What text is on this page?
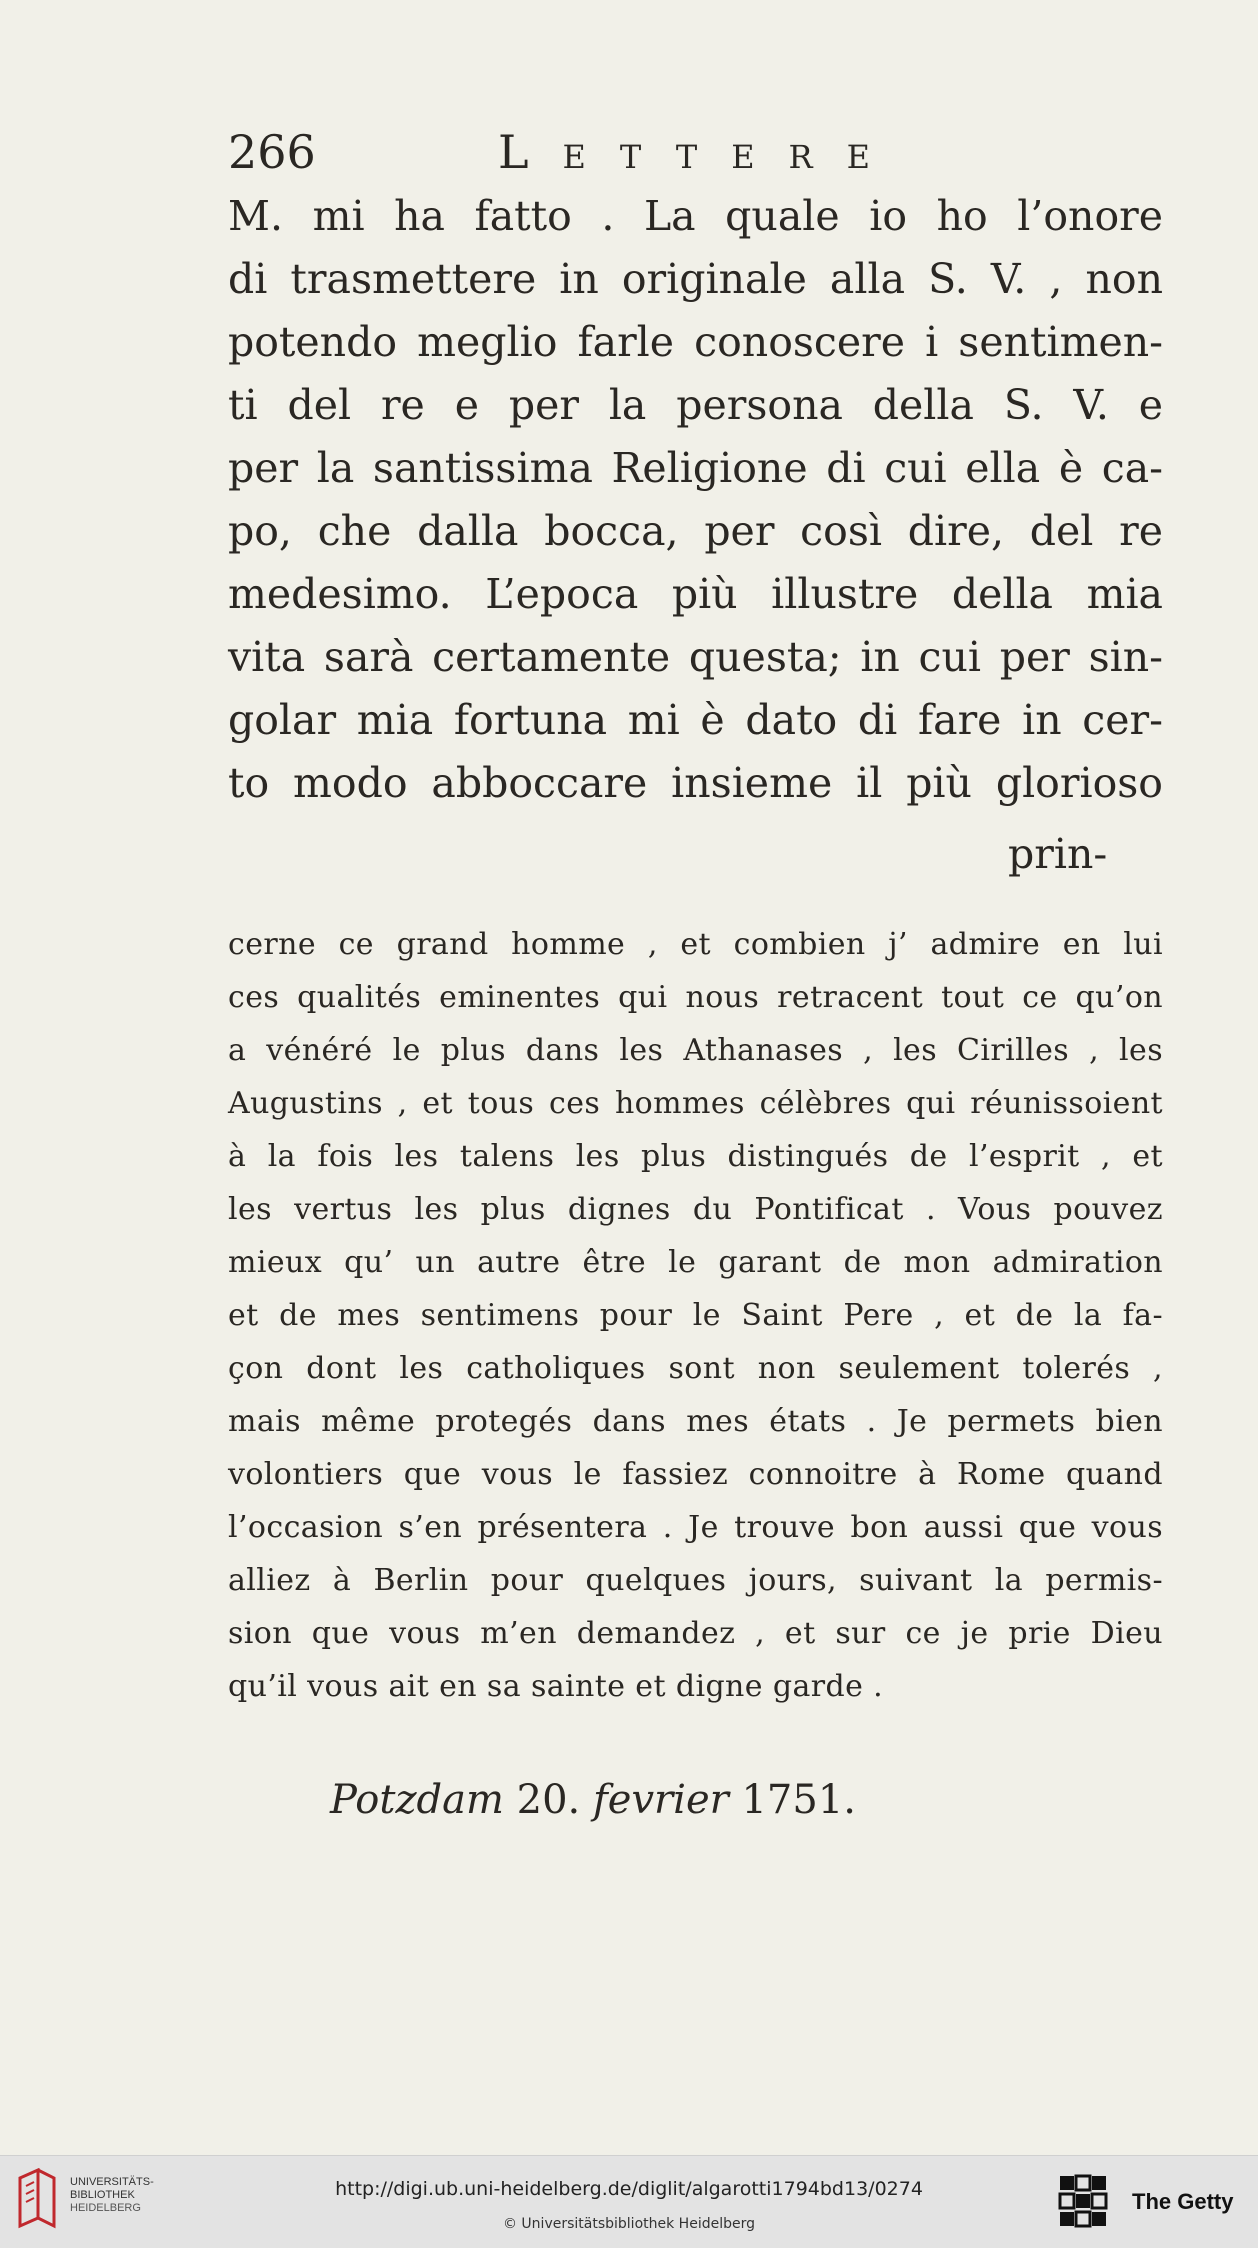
266	Lettere
M. mi ha fatto . La quale io ho l’onore
di trasmettere in originale alla S. V. , non
potendo meglio farle conoscere i sentimen-
ti del re e per la persona della S. V. e
per la santissima Religione di cui ella è ca-
po, che dalla bocca, per così dire, del re
medesimo. L’epoca più illustre della mia
vita sarà certamente questa; in cui per sin-
golar mia fortuna mi è dato di fare in cer-
to modo abboccare insieme il più glorioso
prin-
cerne ce grand homme , et combien j’ admire en lui
ces qualités eminentes qui nous retracent tout ce qu’on
a vénéré le plus dans les Athanases , les Cirilles , les
Augustins , et tous ces hommes célèbres qui réunissoient
à la fois les talens les plus distingués de l’esprit , et
les vertus les plus dignes du Pontificat . Vous pouvez
mieux qu’ un autre être le garant de mon admiration
et de mes sentimens pour le Saint Pere , et de la fa-
çon dont les catholiques sont non seulement tolerés ,
mais même protegés dans mes états . Je permets bien
volontiers que vous le fassiez connoitre à Rome quand
l’occasion s’en présentera . Je trouve bon aussi que vous
alliez à Berlin pour quelques jours, suivant la permis-
sion que vous m’en demandez , et sur ce je prie Dieu
qu’il vous ait en sa sainte et digne garde .
Potzdam 20. fevrier 1751.
UNIVERSITÄTS-
BIBLIOTHEK
HEIDELBERG
http://digi.ub.uni-heidelberg.de/diglit/algarotti1794bd13/0274
© Universitätsbibliothek Heidelberg
The Getty
